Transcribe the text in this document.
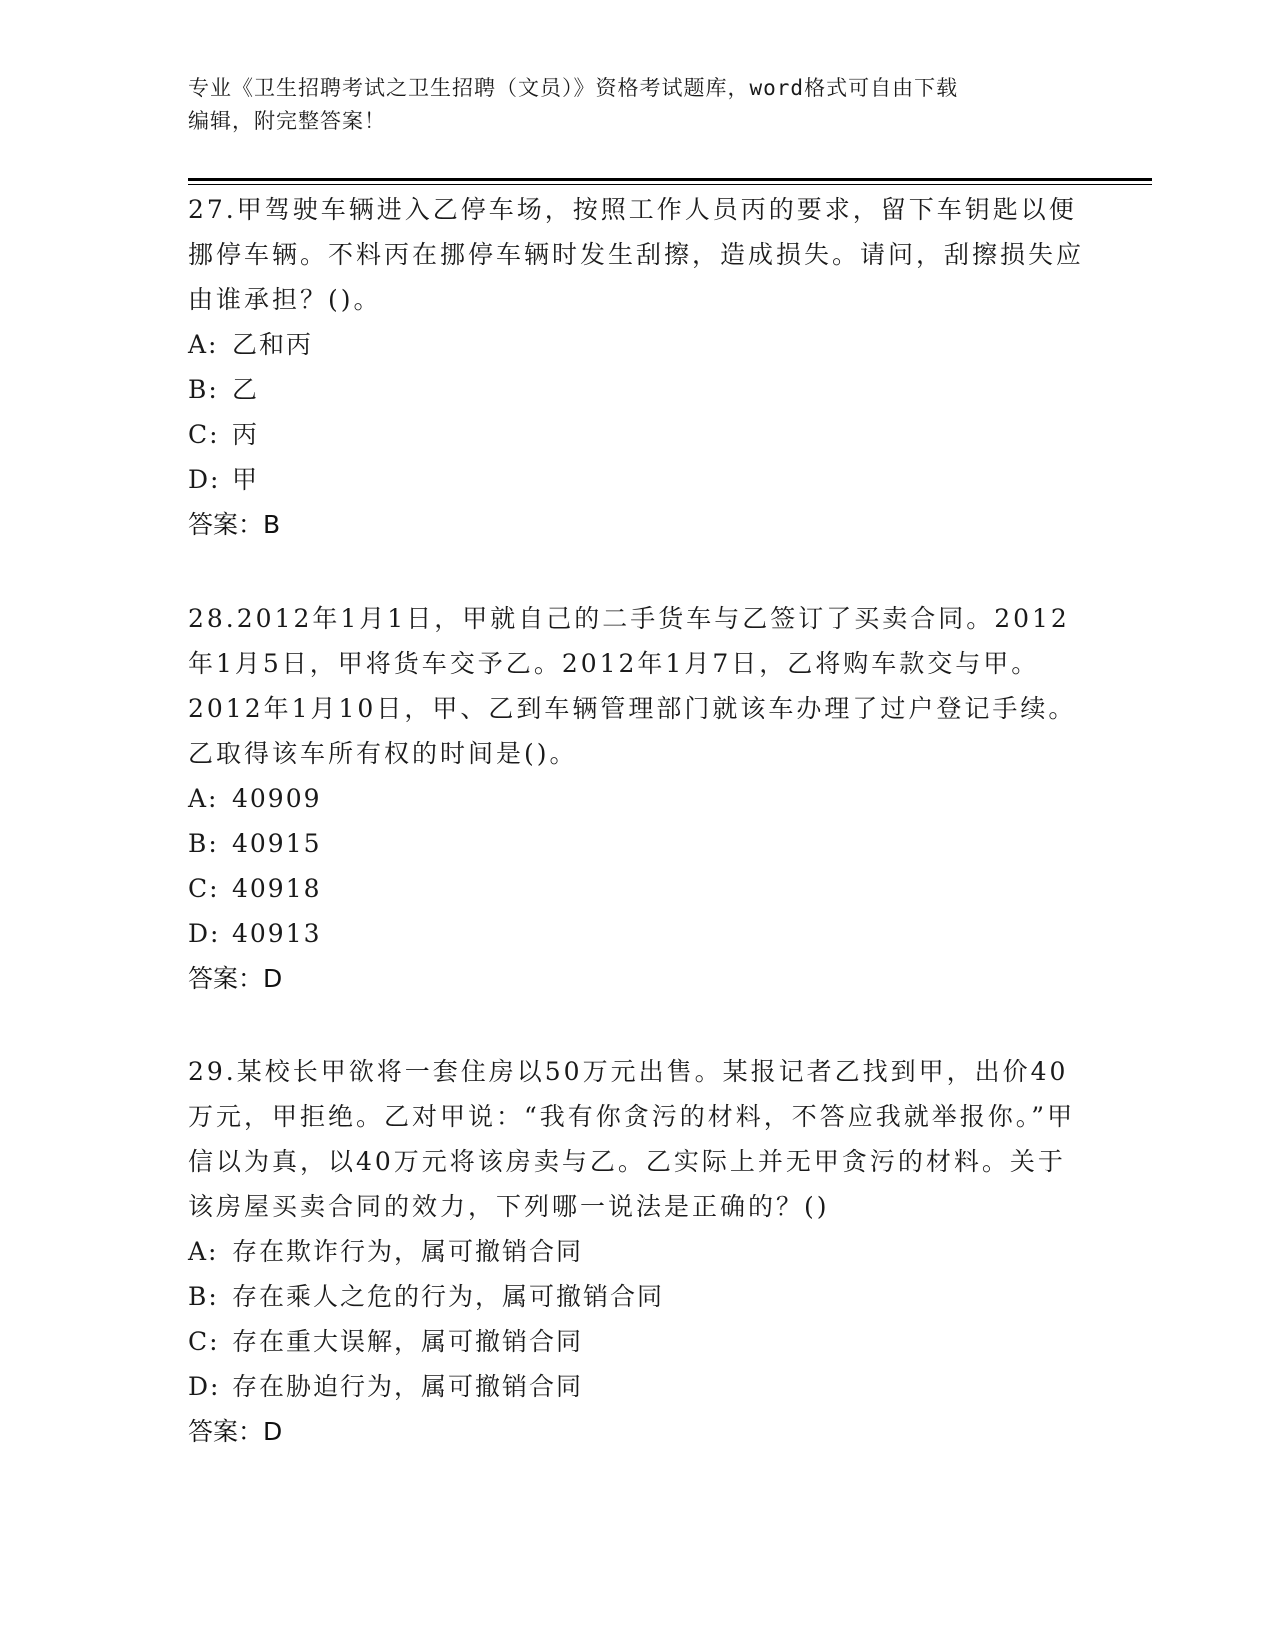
专业《卫生招聘考试之卫生招聘（文员）》资格考试题库，word格式可自由下载
编辑，附完整答案！

27.甲驾驶车辆进入乙停车场，按照工作人员丙的要求，留下车钥匙以便挪停车辆。不料丙在挪停车辆时发生刮擦，造成损失。请问，刮擦损失应由谁承担？()。

A: 乙和丙

B: 乙

C: 丙

D: 甲

答案：B

28.2012年1月1日，甲就自己的二手货车与乙签订了买卖合同。2012年1月5日，甲将货车交予乙。2012年1月7日，乙将购车款交与甲。2012年1月10日，甲、乙到车辆管理部门就该车办理了过户登记手续。乙取得该车所有权的时间是()。

A: 40909

B: 40915

C: 40918

D: 40913

答案：D

29.某校长甲欲将一套住房以50万元出售。某报记者乙找到甲，出价40万元，甲拒绝。乙对甲说：“我有你贪污的材料，不答应我就举报你。”甲信以为真，以40万元将该房卖与乙。乙实际上并无甲贪污的材料。关于该房屋买卖合同的效力，下列哪一说法是正确的？()

A: 存在欺诈行为，属可撤销合同

B: 存在乘人之危的行为，属可撤销合同

C: 存在重大误解，属可撤销合同

D: 存在胁迫行为，属可撤销合同

答案：D
